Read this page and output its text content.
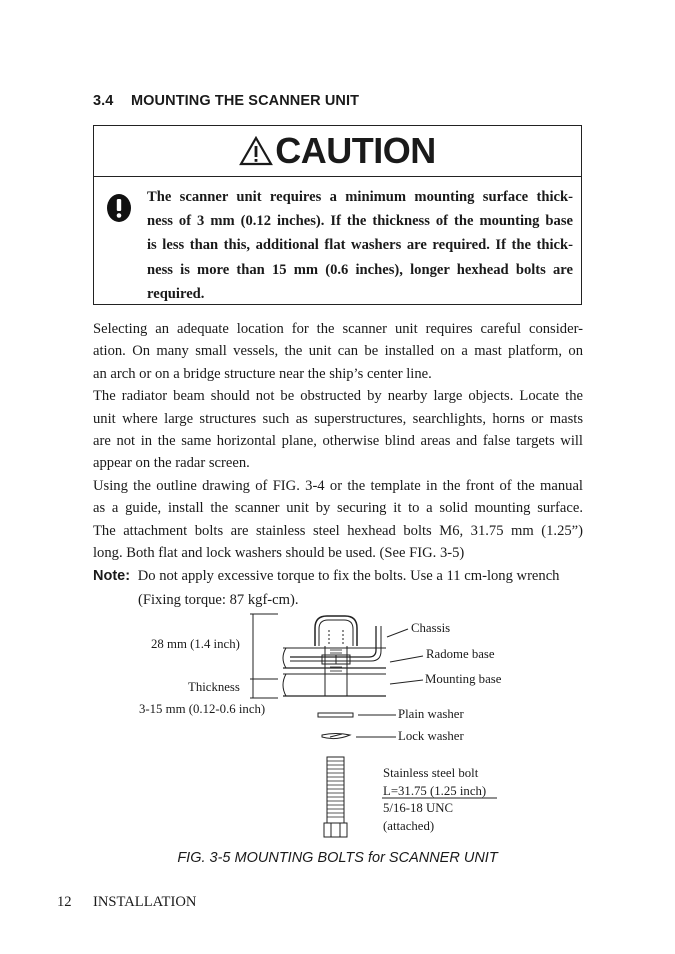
3.4 MOUNTING THE SCANNER UNIT
CAUTION
The scanner unit requires a minimum mounting surface thick-
ness of 3 mm (0.12 inches). If the thickness of the mounting base
is less than this, additional flat washers are required. If the thick-
ness is more than 15 mm (0.6 inches), longer hexhead bolts are
required.
Selecting an adequate location for the scanner unit requires careful consider-
ation. On many small vessels, the unit can be installed on a mast platform, on
an arch or on a bridge structure near the ship’s center line.
The radiator beam should not be obstructed by nearby large objects. Locate the
unit where large structures such as superstructures, searchlights, horns or masts
are not in the same horizontal plane, otherwise blind areas and false targets will
appear on the radar screen.
Using the outline drawing of FIG. 3-4 or the template in the front of the manual
as a guide, install the scanner unit by securing it to a solid mounting surface.
The attachment bolts are stainless steel hexhead bolts M6, 31.75 mm (1.25”)
long. Both flat and lock washers should be used. (See FIG. 3-5)
Note: Do not apply excessive torque to fix the bolts. Use a 11 cm-long wrench
(Fixing torque: 87 kgf-cm).
Chassis
Radome base
Mounting base
Plain washer
Lock washer
Stainless steel bolt
L=31.75 (1.25 inch)
5/16-18 UNC
(attached)
28 mm (1.4 inch)
Thickness
3-15 mm (0.12-0.6 inch)
FIG. 3-5 MOUNTING BOLTS for SCANNER UNIT
12 INSTALLATION
